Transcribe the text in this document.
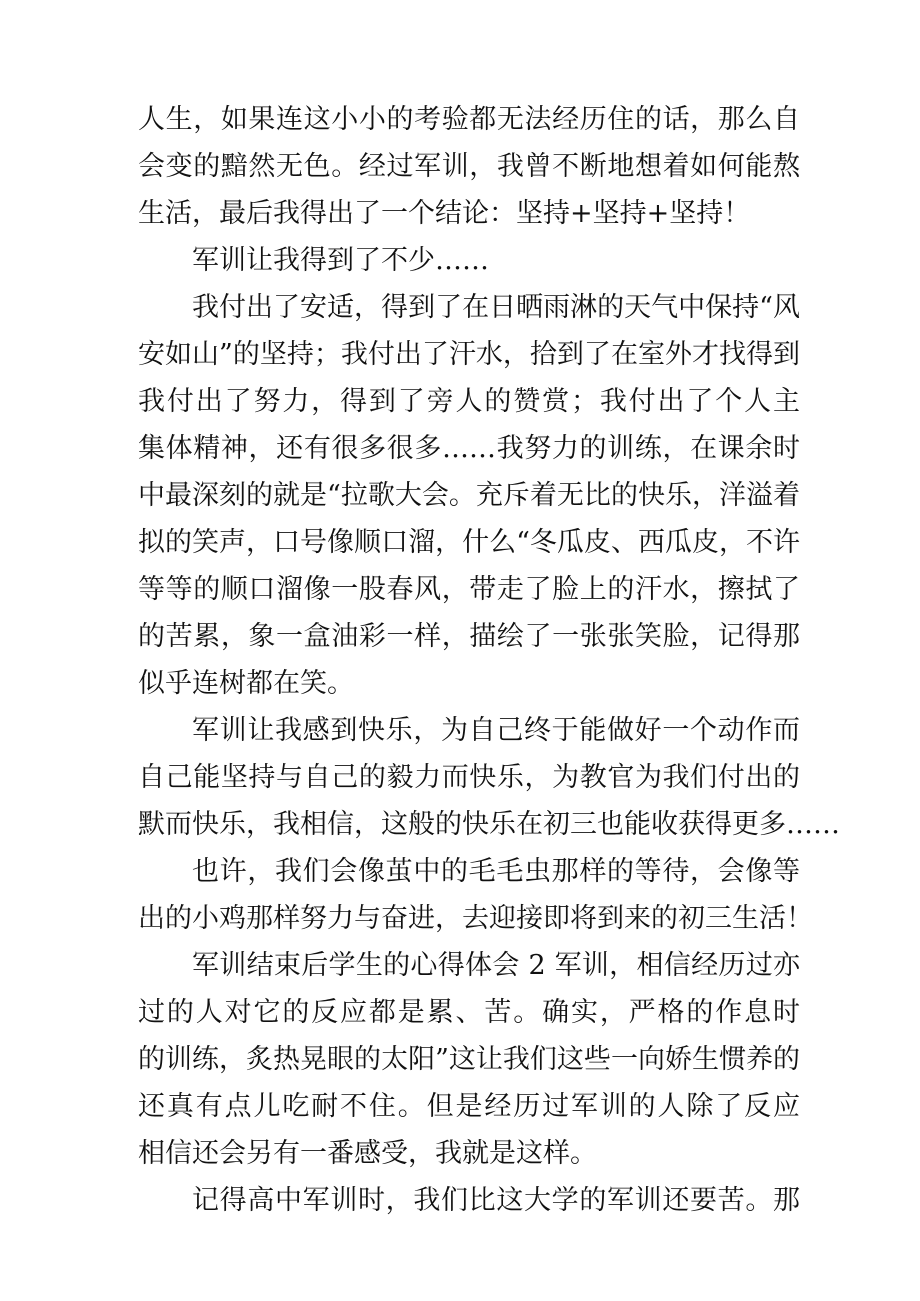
人生，如果连这小小的考验都无法经历住的话，那么自
会变的黯然无色。经过军训，我曾不断地想着如何能熬
生活，最后我得出了一个结论：坚持+坚持+坚持！
军训让我得到了不少……
我付出了安适，得到了在日晒雨淋的天气中保持“风
安如山”的坚持；我付出了汗水，拾到了在室外才找得到
我付出了努力，得到了旁人的赞赏；我付出了个人主
集体精神，还有很多很多……我努力的训练，在课余时
中最深刻的就是“拉歌大会。充斥着无比的快乐，洋溢着
拟的笑声，口号像顺口溜，什么“冬瓜皮、西瓜皮，不许
等等的顺口溜像一股春风，带走了脸上的汗水，擦拭了
的苦累，象一盒油彩一样，描绘了一张张笑脸，记得那
似乎连树都在笑。
军训让我感到快乐，为自己终于能做好一个动作而
自己能坚持与自己的毅力而快乐，为教官为我们付出的
默而快乐，我相信，这般的快乐在初三也能收获得更多……
也许，我们会像茧中的毛毛虫那样的等待，会像等
出的小鸡那样努力与奋进，去迎接即将到来的初三生活！
军训结束后学生的心得体会 2 军训，相信经历过亦
过的人对它的反应都是累、苦。确实，严格的作息时
的训练，炙热晃眼的太阳”这让我们这些一向娇生惯养的
还真有点儿吃耐不住。但是经历过军训的人除了反应
相信还会另有一番感受，我就是这样。
记得高中军训时，我们比这大学的军训还要苦。那
